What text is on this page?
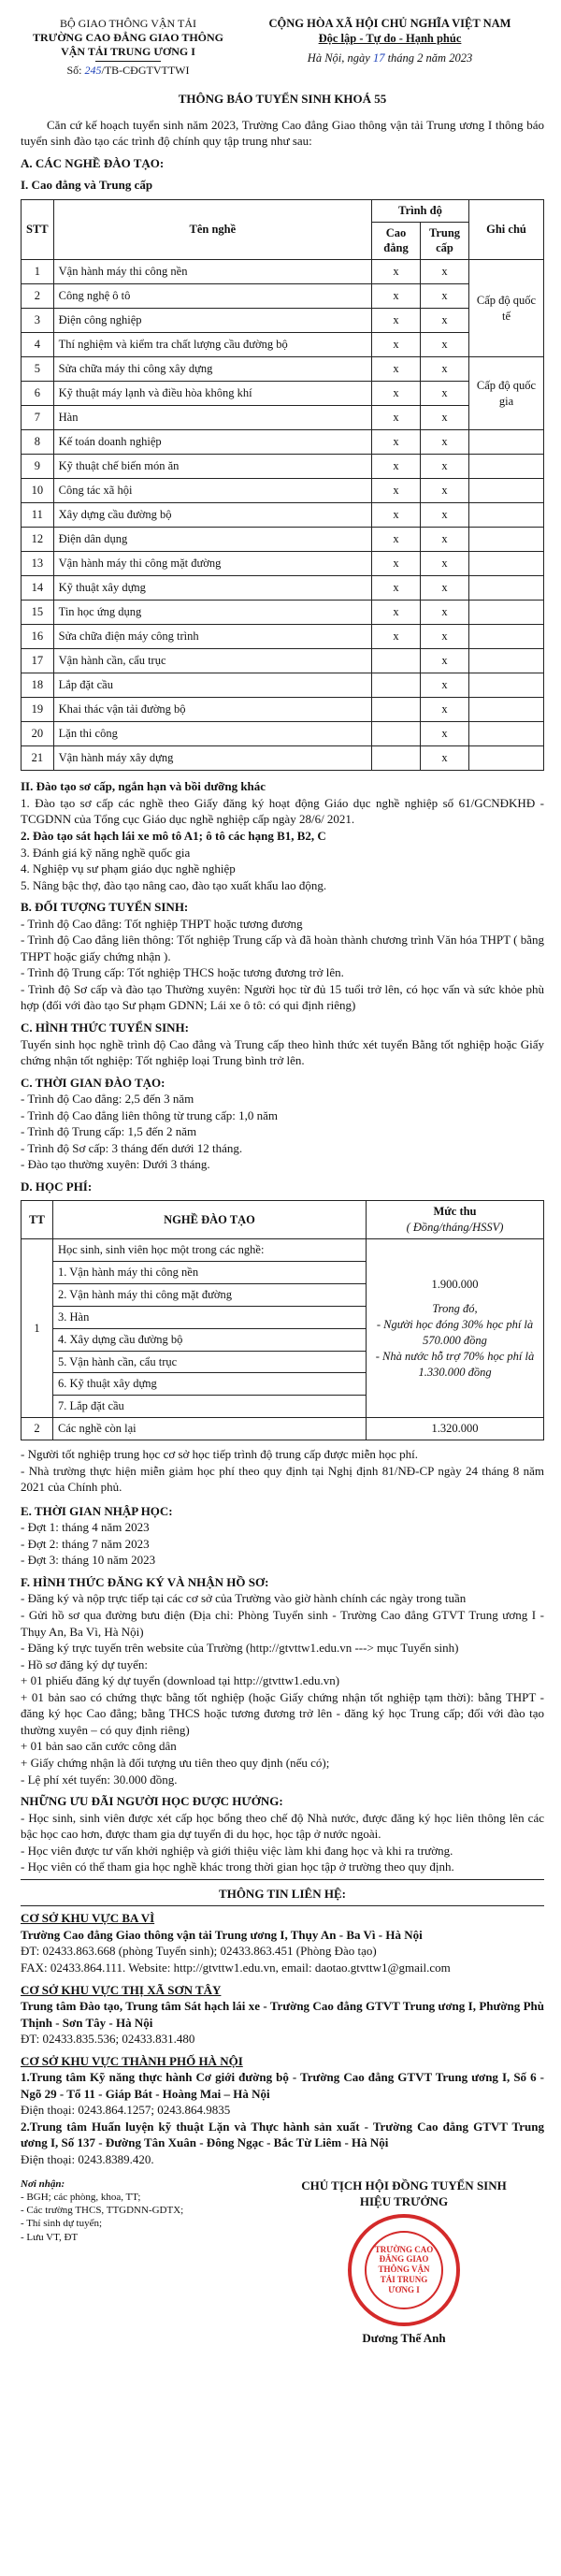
BỘ GIAO THÔNG VẬN TẢI
TRƯỜNG CAO ĐẲNG GIAO THÔNG
VẬN TẢI TRUNG ƯƠNG I
Số: 245/TB-CĐGTVTTWI
CỘNG HÒA XÃ HỘI CHỦ NGHĨA VIỆT NAM
Độc lập - Tự do - Hạnh phúc
Hà Nội, ngày 17 tháng 2 năm 2023
THÔNG BÁO TUYỂN SINH KHOÁ 55

Căn cứ kế hoạch tuyển sinh năm 2023, Trường Cao đẳng Giao thông vận tải Trung ương I thông báo tuyển sinh đào tạo các trình độ chính quy tập trung như sau:

A. CÁC NGHỀ ĐÀO TẠO:
I. Cao đẳng và Trung cấp
STT	Tên nghề	Trình độ		Ghi chú
		Cao đẳng	Trung cấp	
1	Vận hành máy thi công nền	x	x	Cấp độ quốc tế
2	Công nghệ ô tô	x	x	
3	Điện công nghiệp	x	x	
4	Thí nghiệm và kiểm tra chất lượng cầu đường bộ	x	x	
5	Sửa chữa máy thi công xây dựng	x	x	Cấp độ quốc gia
6	Kỹ thuật máy lạnh và điều hòa không khí	x	x	
7	Hàn	x	x	
8	Kế toán doanh nghiệp	x	x	
9	Kỹ thuật chế biến món ăn	x	x	
10	Công tác xã hội	x	x	
11	Xây dựng cầu đường bộ	x	x	
12	Điện dân dụng	x	x	
13	Vận hành máy thi công mặt đường	x	x	
14	Kỹ thuật xây dựng	x	x	
15	Tin học ứng dụng	x	x	
16	Sửa chữa điện máy công trình	x	x	
17	Vận hành cần, cẩu trục		x	
18	Lắp đặt cầu		x	
19	Khai thác vận tải đường bộ		x	
20	Lặn thi công		x	
21	Vận hành máy xây dựng		x	
II. Đào tạo sơ cấp, ngắn hạn và bồi dưỡng khác

1. Đào tạo sơ cấp các nghề theo Giấy đăng ký hoạt động Giáo dục nghề nghiệp số 61/GCNĐKHĐ -TCGDNN của Tổng cục Giáo dục nghề nghiệp cấp ngày 28/6/ 2021.

2. Đào tạo sát hạch lái xe mô tô A1; ô tô các hạng B1, B2, C

3. Đánh giá kỹ năng nghề quốc gia

4. Nghiệp vụ sư phạm giáo dục nghề nghiệp

5. Nâng bậc thợ, đào tạo nâng cao, đào tạo xuất khẩu lao động.

B. ĐỐI TƯỢNG TUYỂN SINH:

- Trình độ Cao đẳng: Tốt nghiệp THPT hoặc tương đương

- Trình độ Cao đẳng liên thông: Tốt nghiệp Trung cấp và đã hoàn thành chương trình Văn hóa THPT ( bằng THPT hoặc giấy chứng nhận ).

- Trình độ Trung cấp: Tốt nghiệp THCS hoặc tương đương trở lên.

- Trình độ Sơ cấp và đào tạo Thường xuyên: Người học từ đủ 15 tuổi trở lên, có học vấn và sức khỏe phù hợp (đối với đào tạo Sư phạm GDNN; Lái xe ô tô: có qui định riêng)

C. HÌNH THỨC TUYỂN SINH:

Tuyển sinh học nghề trình độ Cao đẳng và Trung cấp theo hình thức xét tuyển Bằng tốt nghiệp hoặc Giấy chứng nhận tốt nghiệp: Tốt nghiệp loại Trung bình trở lên.

C. THỜI GIAN ĐÀO TẠO:

- Trình độ Cao đẳng: 2,5 đến 3 năm

- Trình độ Cao đẳng liên thông từ trung cấp: 1,0 năm

- Trình độ Trung cấp: 1,5 đến 2 năm

- Trình độ Sơ cấp: 3 tháng đến dưới 12 tháng.

- Đào tạo thường xuyên: Dưới 3 tháng.

D. HỌC PHÍ:
TT	NGHỀ ĐÀO TẠO	Mức thu
( Đồng/tháng/HSSV)

1	Học sinh, sinh viên học một trong các nghề:	1.900.000
Trong đó,
- Người học đóng 30% học phí là 570.000 đồng
- Nhà nước hỗ trợ 70% học phí là 1.330.000 đồng

	1. Vận hành máy thi công nền	
	2. Vận hành máy thi công mặt đường	
	3. Hàn	
	4. Xây dựng cầu đường bộ	
	5. Vận hành cần, cẩu trục	
	6. Kỹ thuật xây dựng	
	7. Lắp đặt cầu	
2	Các nghề còn lại	1.320.000

- Người tốt nghiệp trung học cơ sở học tiếp trình độ trung cấp được miễn học phí.

- Nhà trường thực hiện miễn giảm học phí theo quy định tại Nghị định 81/NĐ-CP ngày 24 tháng 8 năm 2021 của Chính phủ.

E. THỜI GIAN NHẬP HỌC:

- Đợt 1: tháng 4 năm 2023

- Đợt 2: tháng 7 năm 2023

- Đợt 3: tháng 10 năm 2023

F. HÌNH THỨC ĐĂNG KÝ VÀ NHẬN HỒ SƠ:

- Đăng ký và nộp trực tiếp tại các cơ sở của Trường vào giờ hành chính các ngày trong tuần

- Gửi hồ sơ qua đường bưu điện (Địa chỉ: Phòng Tuyển sinh - Trường Cao đẳng GTVT Trung ương I - Thụy An, Ba Vì, Hà Nội)

- Đăng ký trực tuyến trên website của Trường (http://gtvttw1.edu.vn ---> mục Tuyển sinh)

- Hồ sơ đăng ký dự tuyển:

+ 01 phiếu đăng ký dự tuyển (download tại http://gtvttw1.edu.vn)

+ 01 bản sao có chứng thực bằng tốt nghiệp (hoặc Giấy chứng nhận tốt nghiệp tạm thời): bằng THPT - đăng ký học Cao đẳng; bằng THCS hoặc tương đương trở lên - đăng ký học Trung cấp; đối với đào tạo thường xuyên – có quy định riêng)

+ 01 bản sao căn cước công dân

+ Giấy chứng nhận là đối tượng ưu tiên theo quy định (nếu có);

- Lệ phí xét tuyển: 30.000 đồng.

NHỮNG ƯU ĐÃI NGƯỜI HỌC ĐƯỢC HƯỞNG:

- Học sinh, sinh viên được xét cấp học bổng theo chế độ Nhà nước, được đăng ký học liên thông lên các bậc học cao hơn, được tham gia dự tuyển đi du học, học tập ở nước ngoài.

- Học viên được tư vấn khởi nghiệp và giới thiệu việc làm khi đang học và khi ra trường.

- Học viên có thể tham gia học nghề khác trong thời gian học tập ở trường theo quy định.

THÔNG TIN LIÊN HỆ:
CƠ SỞ KHU VỰC BA VÌ

Trường Cao đẳng Giao thông vận tải Trung ương I, Thụy An - Ba Vì - Hà Nội

ĐT: 02433.863.668 (phòng Tuyển sinh); 02433.863.451 (Phòng Đào tạo)

FAX: 02433.864.111. Website: http://gtvttw1.edu.vn, email: daotao.gtvttw1@gmail.com

CƠ SỞ KHU VỰC THỊ XÃ SƠN TÂY

Trung tâm Đào tạo, Trung tâm Sát hạch lái xe - Trường Cao đẳng GTVT Trung ương I, Phường Phù Thịnh - Sơn Tây - Hà Nội

ĐT: 02433.835.536; 02433.831.480

CƠ SỞ KHU VỰC THÀNH PHỐ HÀ NỘI

1.Trung tâm Kỹ năng thực hành Cơ giới đường bộ - Trường Cao đẳng GTVT Trung ương I, Số 6 - Ngõ 29 - Tổ 11 - Giáp Bát - Hoàng Mai – Hà Nội

Điện thoại: 0243.864.1257; 0243.864.9835

2.Trung tâm Huấn luyện kỹ thuật Lặn và Thực hành sản xuất - Trường Cao đẳng GTVT Trung ương I, Số 137 - Đường Tân Xuân - Đông Ngạc - Bắc Từ Liêm - Hà Nội

Điện thoại: 0243.8389.420.

Nơi nhận:
- BGH; các phòng, khoa, TT;
- Các trường THCS, TTGDNN-GDTX;
- Thí sinh dự tuyển;
- Lưu VT, ĐT
CHỦ TỊCH HỘI ĐỒNG TUYỂN SINH
HIỆU TRƯỞNG
TRƯỜNG CAO ĐẲNG GIAO THÔNG VẬN TẢI TRUNG ƯƠNG I
Dương Thế Anh
